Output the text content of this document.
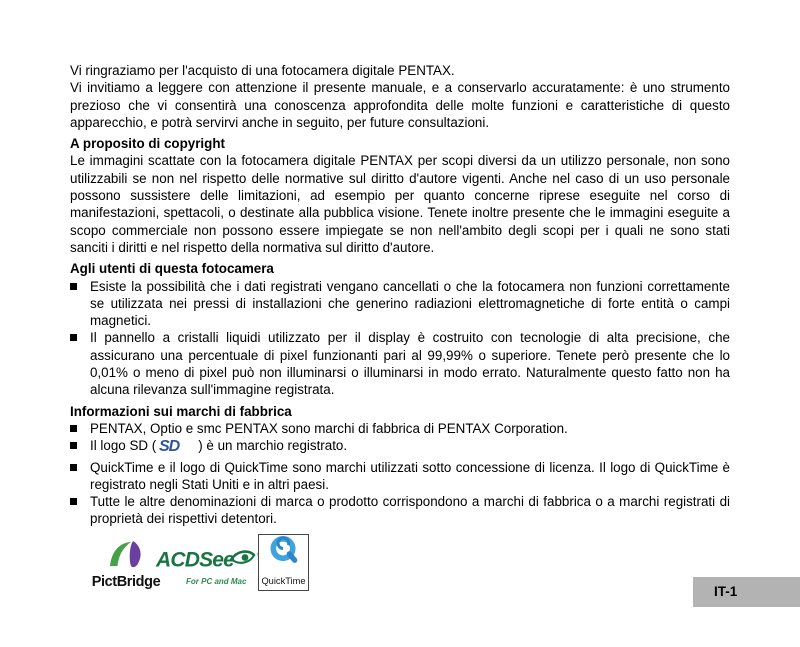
Vi ringraziamo per l'acquisto di una fotocamera digitale PENTAX.
Vi invitiamo a leggere con attenzione il presente manuale, e a conservarlo accuratamente: è uno strumento prezioso che vi consentirà una conoscenza approfondita delle molte funzioni e caratteristiche di questo apparecchio, e potrà servirvi anche in seguito, per future consultazioni.
A proposito di copyright
Le immagini scattate con la fotocamera digitale PENTAX per scopi diversi da un utilizzo personale, non sono utilizzabili se non nel rispetto delle normative sul diritto d'autore vigenti. Anche nel caso di un uso personale possono sussistere delle limitazioni, ad esempio per quanto concerne riprese eseguite nel corso di manifestazioni, spettacoli, o destinate alla pubblica visione. Tenete inoltre presente che le immagini eseguite a scopo commerciale non possono essere impiegate se non nell'ambito degli scopi per i quali ne sono stati sanciti i diritti e nel rispetto della normativa sul diritto d'autore.
Agli utenti di questa fotocamera
Esiste la possibilità che i dati registrati vengano cancellati o che la fotocamera non funzioni correttamente se utilizzata nei pressi di installazioni che generino radiazioni elettromagnetiche di forte entità o campi magnetici.
Il pannello a cristalli liquidi utilizzato per il display è costruito con tecnologie di alta precisione, che assicurano una percentuale di pixel funzionanti pari al 99,99% o superiore. Tenete però presente che lo 0,01% o meno di pixel può non illuminarsi o illuminarsi in modo errato. Naturalmente questo fatto non ha alcuna rilevanza sull'immagine registrata.
Informazioni sui marchi di fabbrica
PENTAX, Optio e smc PENTAX sono marchi di fabbrica di PENTAX Corporation.
Il logo SD ( SD ) è un marchio registrato.
QuickTime e il logo di QuickTime sono marchi utilizzati sotto concessione di licenza. Il logo di QuickTime è registrato negli Stati Uniti e in altri paesi.
Tutte le altre denominazioni di marca o prodotto corrispondono a marchi di fabbrica o a marchi registrati di proprietà dei rispettivi detentori.
PictBridge
ACDSee
For PC and Mac	QuickTime
IT-1
